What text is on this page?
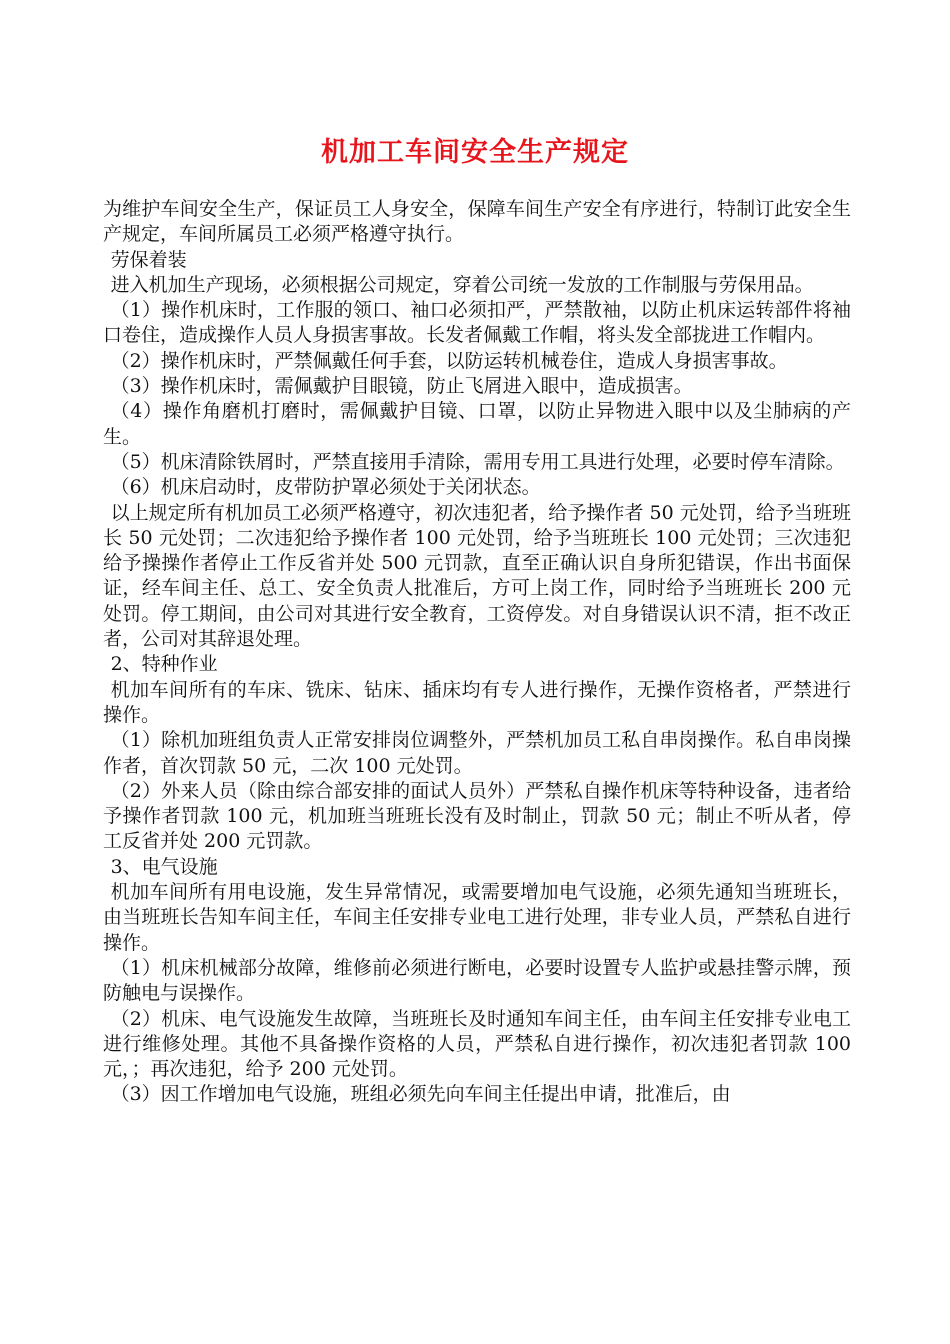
机加工车间安全生产规定

为维护车间安全生产，保证员工人身安全，保障车间生产安全有序进行，特制订此安全生产规定，车间所属员工必须严格遵守执行。

劳保着装

进入机加生产现场，必须根据公司规定，穿着公司统一发放的工作制服与劳保用品。

（1）操作机床时，工作服的领口、袖口必须扣严，严禁散袖，以防止机床运转部件将袖口卷住，造成操作人员人身损害事故。长发者佩戴工作帽，将头发全部拢进工作帽内。

（2）操作机床时，严禁佩戴任何手套，以防运转机械卷住，造成人身损害事故。

（3）操作机床时，需佩戴护目眼镜，防止飞屑进入眼中，造成损害。

（4）操作角磨机打磨时，需佩戴护目镜、口罩，以防止异物进入眼中以及尘肺病的产生。

（5）机床清除铁屑时，严禁直接用手清除，需用专用工具进行处理，必要时停车清除。

（6）机床启动时，皮带防护罩必须处于关闭状态。

以上规定所有机加员工必须严格遵守，初次违犯者，给予操作者 50 元处罚，给予当班班长 50 元处罚；二次违犯给予操作者 100 元处罚，给予当班班长 100 元处罚；三次违犯给予操操作者停止工作反省并处 500 元罚款，直至正确认识自身所犯错误，作出书面保证，经车间主任、总工、安全负责人批准后，方可上岗工作，同时给予当班班长 200 元处罚。停工期间，由公司对其进行安全教育，工资停发。对自身错误认识不清，拒不改正者，公司对其辞退处理。

2、特种作业

机加车间所有的车床、铣床、钻床、插床均有专人进行操作，无操作资格者，严禁进行操作。

（1）除机加班组负责人正常安排岗位调整外，严禁机加员工私自串岗操作。私自串岗操作者，首次罚款 50 元，二次 100 元处罚。

（2）外来人员（除由综合部安排的面试人员外）严禁私自操作机床等特种设备，违者给予操作者罚款 100 元，机加班当班班长没有及时制止，罚款 50 元；制止不听从者，停工反省并处 200 元罚款。

3、电气设施

机加车间所有用电设施，发生异常情况，或需要增加电气设施，必须先通知当班班长，由当班班长告知车间主任，车间主任安排专业电工进行处理，非专业人员，严禁私自进行操作。

（1）机床机械部分故障，维修前必须进行断电，必要时设置专人监护或悬挂警示牌，预防触电与误操作。

（2）机床、电气设施发生故障，当班班长及时通知车间主任，由车间主任安排专业电工进行维修处理。其他不具备操作资格的人员，严禁私自进行操作，初次违犯者罚款 100 元，；再次违犯，给予 200 元处罚。

（3）因工作增加电气设施，班组必须先向车间主任提出申请，批准后，由
